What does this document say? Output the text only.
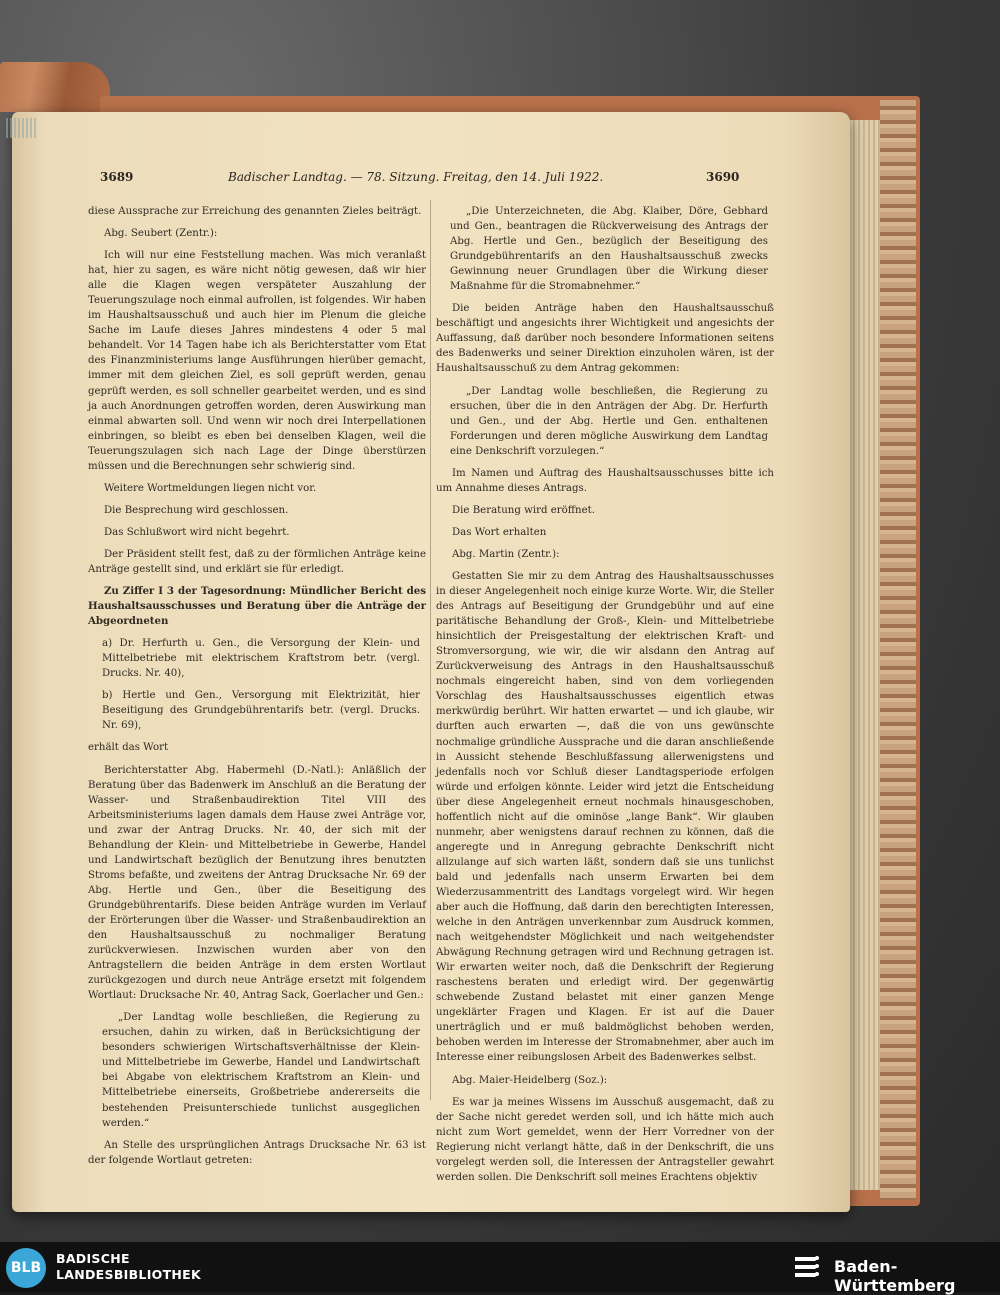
3689	Badischer Landtag. — 78. Sitzung. Freitag, den 14. Juli 1922.	3690

diese Aussprache zur Erreichung des genannten Zieles beiträgt.

Abg. Seubert (Zentr.):

Ich will nur eine Feststellung machen. Was mich veranlaßt hat, hier zu sagen, es wäre nicht nötig gewesen, daß wir hier alle die Klagen wegen verspäteter Auszahlung der Teuerungszulage noch einmal aufrollen, ist folgendes. Wir haben im Haushaltsausschuß und auch hier im Plenum die gleiche Sache im Laufe dieses Jahres mindestens 4 oder 5 mal behandelt. Vor 14 Tagen habe ich als Berichterstatter vom Etat des Finanzministeriums lange Ausführungen hierüber gemacht, immer mit dem gleichen Ziel, es soll geprüft werden, genau geprüft werden, es soll schneller gearbeitet werden, und es sind ja auch Anordnungen getroffen worden, deren Auswirkung man einmal abwarten soll. Und wenn wir noch drei Interpellationen einbringen, so bleibt es eben bei denselben Klagen, weil die Teuerungszulagen sich nach Lage der Dinge überstürzen müssen und die Berechnungen sehr schwierig sind.

Weitere Wortmeldungen liegen nicht vor.

Die Besprechung wird geschlossen.

Das Schlußwort wird nicht begehrt.

Der Präsident stellt fest, daß zu der förmlichen Anträge keine Anträge gestellt sind, und erklärt sie für erledigt.

Zu Ziffer I 3 der Tagesordnung: Mündlicher Bericht des Haushaltsausschusses und Beratung über die Anträge der Abgeordneten

a) Dr. Herfurth u. Gen., die Versorgung der Klein- und Mittelbetriebe mit elektrischem Kraftstrom betr. (vergl. Drucks. Nr. 40),

b) Hertle und Gen., Versorgung mit Elektrizität, hier Beseitigung des Grundgebührentarifs betr. (vergl. Drucks. Nr. 69),

erhält das Wort

Berichterstatter Abg. Habermehl (D.-Natl.): Anläßlich der Beratung über das Badenwerk im Anschluß an die Beratung der Wasser- und Straßenbaudirektion Titel VIII des Arbeitsministeriums lagen damals dem Hause zwei Anträge vor, und zwar der Antrag Drucks. Nr. 40, der sich mit der Behandlung der Klein- und Mittelbetriebe in Gewerbe, Handel und Landwirtschaft bezüglich der Benutzung ihres benutzten Stroms befaßte, und zweitens der Antrag Drucksache Nr. 69 der Abg. Hertle und Gen., über die Beseitigung des Grundgebührentarifs. Diese beiden Anträge wurden im Verlauf der Erörterungen über die Wasser- und Straßenbaudirektion an den Haushaltsausschuß zu nochmaliger Beratung zurückverwiesen. Inzwischen wurden aber von den Antragstellern die beiden Anträge in dem ersten Wortlaut zurückgezogen und durch neue Anträge ersetzt mit folgendem Wortlaut: Drucksache Nr. 40, Antrag Sack, Goerlacher und Gen.:

„Der Landtag wolle beschließen, die Regierung zu ersuchen, dahin zu wirken, daß in Berücksichtigung der besonders schwierigen Wirtschaftsverhältnisse der Klein- und Mittelbetriebe im Gewerbe, Handel und Landwirtschaft bei Abgabe von elektrischem Kraftstrom an Klein- und Mittelbetriebe einerseits, Großbetriebe andererseits die bestehenden Preisunterschiede tunlichst ausgeglichen werden.“

An Stelle des ursprünglichen Antrags Drucksache Nr. 63 ist der folgende Wortlaut getreten:

„Die Unterzeichneten, die Abg. Klaiber, Döre, Gebhard und Gen., beantragen die Rückverweisung des Antrags der Abg. Hertle und Gen., bezüglich der Beseitigung des Grundgebührentarifs an den Haushaltsausschuß zwecks Gewinnung neuer Grundlagen über die Wirkung dieser Maßnahme für die Stromabnehmer.“

Die beiden Anträge haben den Haushaltsausschuß beschäftigt und angesichts ihrer Wichtigkeit und angesichts der Auffassung, daß darüber noch besondere Informationen seitens des Badenwerks und seiner Direktion einzuholen wären, ist der Haushaltsausschuß zu dem Antrag gekommen:

„Der Landtag wolle beschließen, die Regierung zu ersuchen, über die in den Anträgen der Abg. Dr. Herfurth und Gen., und der Abg. Hertle und Gen. enthaltenen Forderungen und deren mögliche Auswirkung dem Landtag eine Denkschrift vorzulegen.“

Im Namen und Auftrag des Haushaltsausschusses bitte ich um Annahme dieses Antrags.

Die Beratung wird eröffnet.

Das Wort erhalten

Abg. Martin (Zentr.):

Gestatten Sie mir zu dem Antrag des Haushaltsausschusses in dieser Angelegenheit noch einige kurze Worte. Wir, die Steller des Antrags auf Beseitigung der Grundgebühr und auf eine paritätische Behandlung der Groß-, Klein- und Mittelbetriebe hinsichtlich der Preisgestaltung der elektrischen Kraft- und Stromversorgung, wie wir, die wir alsdann den Antrag auf Zurückverweisung des Antrags in den Haushaltsausschuß nochmals eingereicht haben, sind von dem vorliegenden Vorschlag des Haushaltsausschusses eigentlich etwas merkwürdig berührt. Wir hatten erwartet — und ich glaube, wir durften auch erwarten —, daß die von uns gewünschte nochmalige gründliche Aussprache und die daran anschließende in Aussicht stehende Beschlußfassung allerwenigstens und jedenfalls noch vor Schluß dieser Landtagsperiode erfolgen würde und erfolgen könnte. Leider wird jetzt die Entscheidung über diese Angelegenheit erneut nochmals hinausgeschoben, hoffentlich nicht auf die ominöse „lange Bank“. Wir glauben nunmehr, aber wenigstens darauf rechnen zu können, daß die angeregte und in Anregung gebrachte Denkschrift nicht allzulange auf sich warten läßt, sondern daß sie uns tunlichst bald und jedenfalls nach unserm Erwarten bei dem Wiederzusammentritt des Landtags vorgelegt wird. Wir hegen aber auch die Hoffnung, daß darin den berechtigten Interessen, welche in den Anträgen unverkennbar zum Ausdruck kommen, nach weitgehendster Möglichkeit und nach weitgehendster Abwägung Rechnung getragen wird und Rechnung getragen ist. Wir erwarten weiter noch, daß die Denkschrift der Regierung raschestens beraten und erledigt wird. Der gegenwärtig schwebende Zustand belastet mit einer ganzen Menge ungeklärter Fragen und Klagen. Er ist auf die Dauer unerträglich und er muß baldmöglichst behoben werden, behoben werden im Interesse der Stromabnehmer, aber auch im Interesse einer reibungslosen Arbeit des Badenwerkes selbst.

Abg. Maier-Heidelberg (Soz.):

Es war ja meines Wissens im Ausschuß ausgemacht, daß zu der Sache nicht geredet werden soll, und ich hätte mich auch nicht zum Wort gemeldet, wenn der Herr Vorredner von der Regierung nicht verlangt hätte, daß in der Denkschrift, die uns vorgelegt werden soll, die Interessen der Antragsteller gewahrt werden sollen. Die Denkschrift soll meines Erachtens objektiv

BLB
BADISCHE
LANDESBIBLIOTHEK	Baden-Württemberg
